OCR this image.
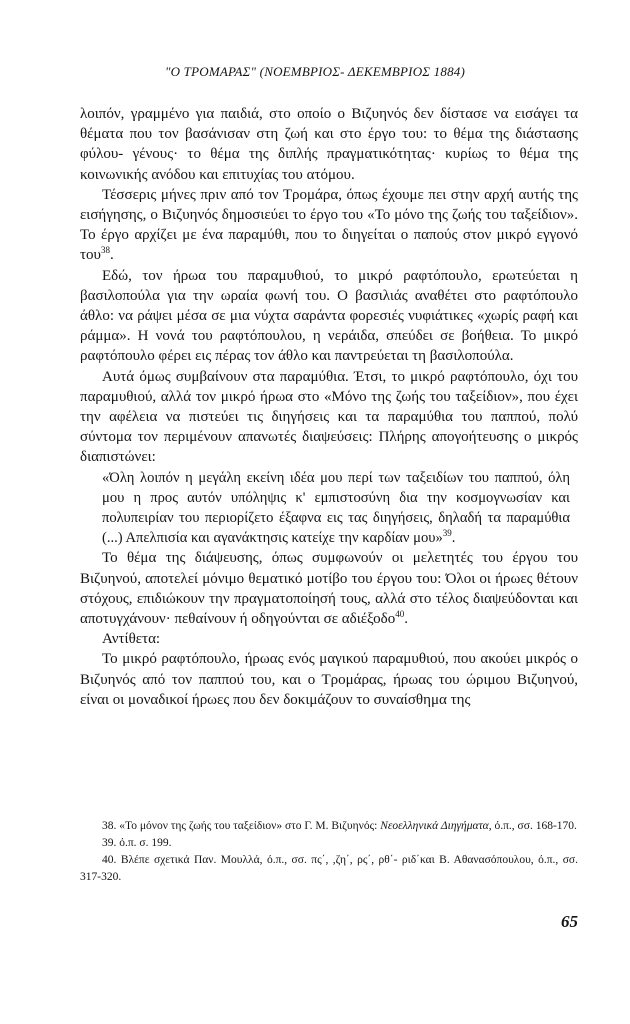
"Ο ΤΡΟΜΑΡΑΣ" (ΝΟΕΜΒΡΙΟΣ- ΔΕΚΕΜΒΡΙΟΣ 1884)

λοιπόν, γραμμένο για παιδιά, στο οποίο ο Βιζυηνός δεν δίστασε να εισάγει τα θέματα που τον βασάνισαν στη ζωή και στο έργο του: το θέμα της διάστασης φύλου- γένους· το θέμα της διπλής πραγματικότητας· κυρίως το θέμα της κοινωνικής ανόδου και επιτυχίας του ατόμου.

Τέσσερις μήνες πριν από τον Τρομάρα, όπως έχουμε πει στην αρχή αυτής της εισήγησης, ο Βιζυηνός δημοσιεύει το έργο του «Το μόνο της ζωής του ταξείδιον». Το έργο αρχίζει με ένα παραμύθι, που το διηγείται ο παπούς στον μικρό εγγονό του$^{38}$.

Εδώ, τον ήρωα του παραμυθιού, το μικρό ραφτόπουλο, ερωτεύεται η βασιλοπούλα για την ωραία φωνή του. Ο βασιλιάς αναθέτει στο ραφτόπουλο άθλο: να ράψει μέσα σε μια νύχτα σαράντα φορεσιές νυφιάτικες «χωρίς ραφή και ράμμα». Η νονά του ραφτόπουλου, η νεράιδα, σπεύδει σε βοήθεια. Το μικρό ραφτόπουλο φέρει εις πέρας τον άθλο και παντρεύεται τη βασιλοπούλα.

Αυτά όμως συμβαίνουν στα παραμύθια. Έτσι, το μικρό ραφτόπουλο, όχι του παραμυθιού, αλλά τον μικρό ήρωα στο «Μόνο της ζωής του ταξείδιον», που έχει την αφέλεια να πιστεύει τις διηγήσεις και τα παραμύθια του παππού, πολύ σύντομα τον περιμένουν απανωτές διαψεύσεις: Πλήρης απογοήτευσης ο μικρός διαπιστώνει:

«Όλη λοιπόν η μεγάλη εκείνη ιδέα μου περί των ταξειδίων του παππού, όλη μου η προς αυτόν υπόληψις κ' εμπιστοσύνη δια την κοσμογνωσίαν και πολυπειρίαν του περιορίζετο έξαφνα εις τας διηγήσεις, δηλαδή τα παραμύθια (...) Απελπισία και αγανάκτησις κατείχε την καρδίαν μου»$^{39}$.

Το θέμα της διάψευσης, όπως συμφωνούν οι μελετητές του έργου του Βιζυηνού, αποτελεί μόνιμο θεματικό μοτίβο του έργου του: Όλοι οι ήρωες θέτουν στόχους, επιδιώκουν την πραγματοποίησή τους, αλλά στο τέλος διαψεύδονται και αποτυγχάνουν· πεθαίνουν ή οδηγούνται σε αδιέξοδο$^{40}$.

Αντίθετα:

Το μικρό ραφτόπουλο, ήρωας ενός μαγικού παραμυθιού, που ακούει μικρός ο Βιζυηνός από τον παππού του, και ο Τρομάρας, ήρωας του ώριμου Βιζυηνού, είναι οι μοναδικοί ήρωες που δεν δοκιμάζουν το συναίσθημα της

38. «Το μόνον της ζωής του ταξείδιον» στο Γ. Μ. Βιζυηνός: Νεοελληνικά Διηγήματα, ό.π., σσ. 168-170.
39. ό.π. σ. 199.
40. Βλέπε σχετικά Παν. Μουλλά, ό.π., σσ. πς΄, ,ζη΄, ρς΄, ρθ΄- ριδ΄και Β. Αθανασόπουλου, ό.π., σσ. 317-320.
65
